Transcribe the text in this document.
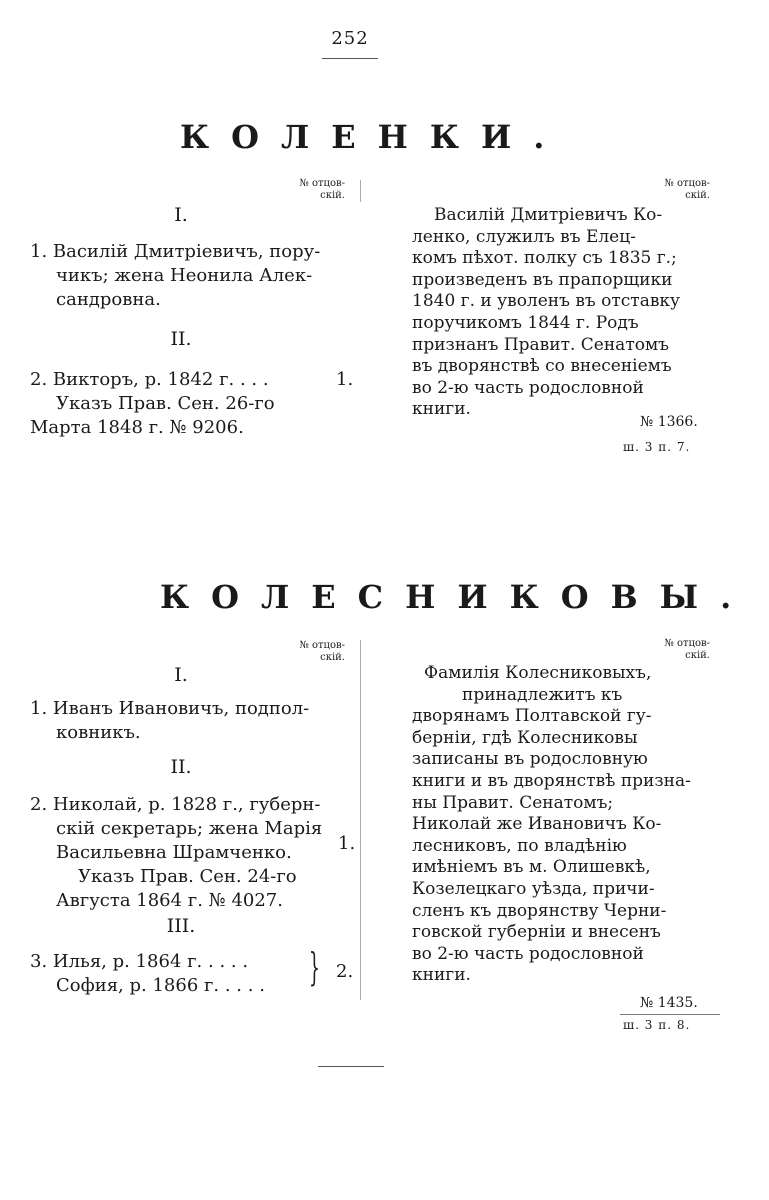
252
КОЛЕНКИ.
№ отцов-
скій.
I.
1. Василій Дмитріевичъ, пору-
чикъ; жена Неонила Алек-
сандровна.
II.
2. Викторъ, р. 1842 г. . . .
Указъ Прав. Сен. 26-го
Марта 1848 г. № 9206.
1.
№ отцов-
скій.
Василій Дмитріевичъ Ко-
ленко, служилъ въ Елец-
комъ пѣхот. полку съ 1835 г.;
произведенъ въ прапорщики
1840 г. и уволенъ въ отставку
поручикомъ 1844 г. Родъ
признанъ Правит. Сенатомъ
въ дворянствѣ со внесеніемъ
во 2-ю часть родословной
книги.
№ 1366.
ш. 3 п. 7.
КОЛЕСНИКОВЫ.
№ отцов-
скій.
I.
1. Иванъ Ивановичъ, подпол-
ковникъ.
II.
2. Николай, р. 1828 г., губерн-
скій секретарь; жена Марія
Васильевна Шрамченко.
Указъ Прав. Сен. 24-го
Августа 1864 г. № 4027.
1.
III.
3. Илья, р. 1864 г. . . . .
София, р. 1866 г. . . . . } 2.
№ отцов-
скій.
Фамилія Колесниковыхъ,
принадлежитъ къ
дворянамъ Полтавской гу-
берніи, гдѣ Колесниковы
записаны въ родословную
книги и въ дворянствѣ призна-
ны Правит. Сенатомъ;
Николай же Ивановичъ Ко-
лесниковъ, по владѣнію
имѣніемъ въ м. Олишевкѣ,
Козелецкаго уѣзда, причи-
сленъ къ дворянству Черни-
говской губерніи и внесенъ
во 2-ю часть родословной
книги.
№ 1435.
ш. 3 п. 8.
